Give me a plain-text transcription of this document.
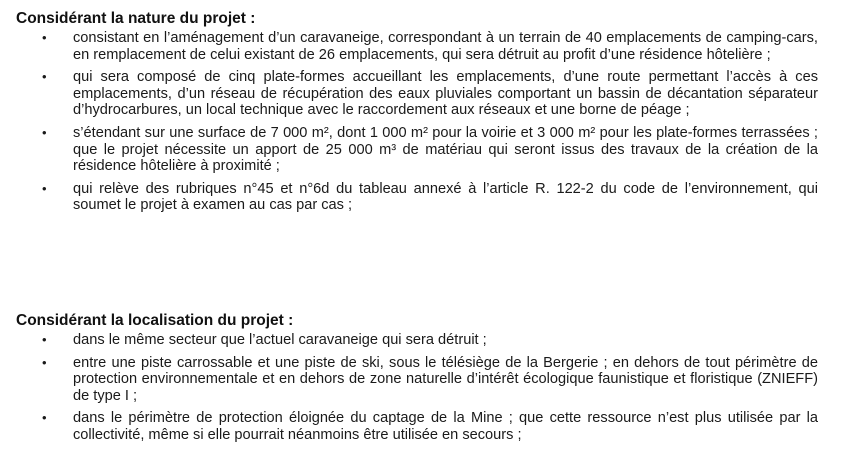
Considérant la nature du projet :
• consistant en l’aménagement d’un caravaneige, correspondant à un terrain de 40 emplacements de camping-cars, en remplacement de celui existant de 26 emplacements, qui sera détruit au profit d’une résidence hôtelière ;
• qui sera composé de cinq plate-formes accueillant les emplacements, d’une route permettant l’accès à ces emplacements, d’un réseau de récupération des eaux pluviales comportant un bassin de décantation séparateur d’hydrocarbures, un local technique avec le raccordement aux réseaux et une borne de péage ;
• s’étendant sur une surface de 7 000 m², dont 1 000 m² pour la voirie et 3 000 m² pour les plate-formes terrassées ; que le projet nécessite un apport de 25 000 m³ de matériau qui seront issus des travaux de la création de la résidence hôtelière à proximité ;
• qui relève des rubriques n°45 et n°6d du tableau annexé à l’article R. 122-2 du code de l’environnement, qui soumet le projet à examen au cas par cas ;
Considérant la localisation du projet :
• dans le même secteur que l’actuel caravaneige qui sera détruit ;
• entre une piste carrossable et une piste de ski, sous le télésiège de la Bergerie ; en dehors de tout périmètre de protection environnementale et en dehors de zone naturelle d’intérêt écologique faunistique et floristique (ZNIEFF) de type I ;
• dans le périmètre de protection éloignée du captage de la Mine ; que cette ressource n’est plus utilisée par la collectivité, même si elle pourrait néanmoins être utilisée en secours ;
